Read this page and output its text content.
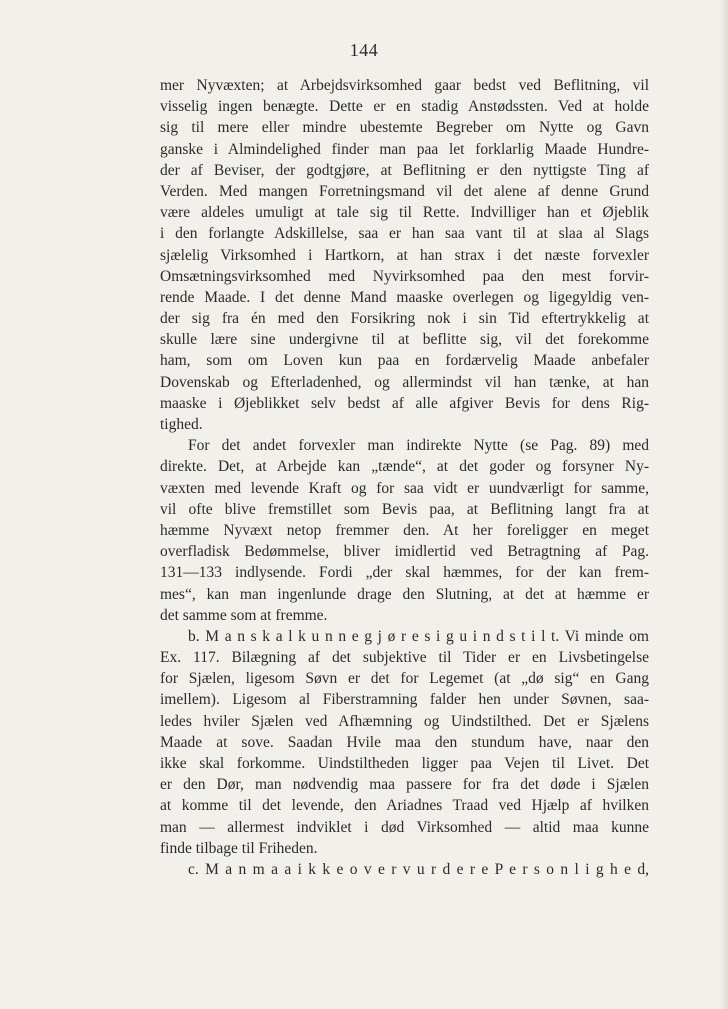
144
mer Nyvæxten; at Arbejdsvirksomhed gaar bedst ved Beflitning, vil
visselig ingen benægte. Dette er en stadig Anstødssten. Ved at holde
sig til mere eller mindre ubestemte Begreber om Nytte og Gavn
ganske i Almindelighed finder man paa let forklarlig Maade Hundre-
der af Beviser, der godtgjøre, at Beflitning er den nyttigste Ting af
Verden. Med mangen Forretningsmand vil det alene af denne Grund
være aldeles umuligt at tale sig til Rette. Indvilliger han et Øjeblik
i den forlangte Adskillelse, saa er han saa vant til at slaa al Slags
sjælelig Virksomhed i Hartkorn, at han strax i det næste forvexler
Omsætningsvirksomhed med Nyvirksomhed paa den mest forvir-
rende Maade. I det denne Mand maaske overlegen og ligegyldig ven-
der sig fra én med den Forsikring nok i sin Tid eftertrykkelig at
skulle lære sine undergivne til at beflitte sig, vil det forekomme
ham, som om Loven kun paa en fordærvelig Maade anbefaler
Dovenskab og Efterladenhed, og allermindst vil han tænke, at han
maaske i Øjeblikket selv bedst af alle afgiver Bevis for dens Rig-
tighed.
For det andet forvexler man indirekte Nytte (se Pag. 89) med
direkte. Det, at Arbejde kan „tænde“, at det goder og forsyner Ny-
væxten med levende Kraft og for saa vidt er uundværligt for samme,
vil ofte blive fremstillet som Bevis paa, at Beflitning langt fra at
hæmme Nyvæxt netop fremmer den. At her foreligger en meget
overfladisk Bedømmelse, bliver imidlertid ved Betragtning af Pag.
131—133 indlysende. Fordi „der skal hæmmes, for der kan frem-
mes“, kan man ingenlunde drage den Slutning, at det at hæmme er
det samme som at fremme.
b. M a n s k a l k u n n e g j ø r e s i g u i n d s t i l t. Vi minde om
Ex. 117. Bilægning af det subjektive til Tider er en Livsbetingelse
for Sjælen, ligesom Søvn er det for Legemet (at „dø sig“ en Gang
imellem). Ligesom al Fiberstramning falder hen under Søvnen, saa-
ledes hviler Sjælen ved Afhæmning og Uindstilthed. Det er Sjælens
Maade at sove. Saadan Hvile maa den stundum have, naar den
ikke skal forkomme. Uindstiltheden ligger paa Vejen til Livet. Det
er den Dør, man nødvendig maa passere for fra det døde i Sjælen
at komme til det levende, den Ariadnes Traad ved Hjælp af hvilken
man — allermest indviklet i død Virksomhed — altid maa kunne
finde tilbage til Friheden.
c. M a n m a a i k k e o v e r v u r d e r e P e r s o n l i g h e d,
